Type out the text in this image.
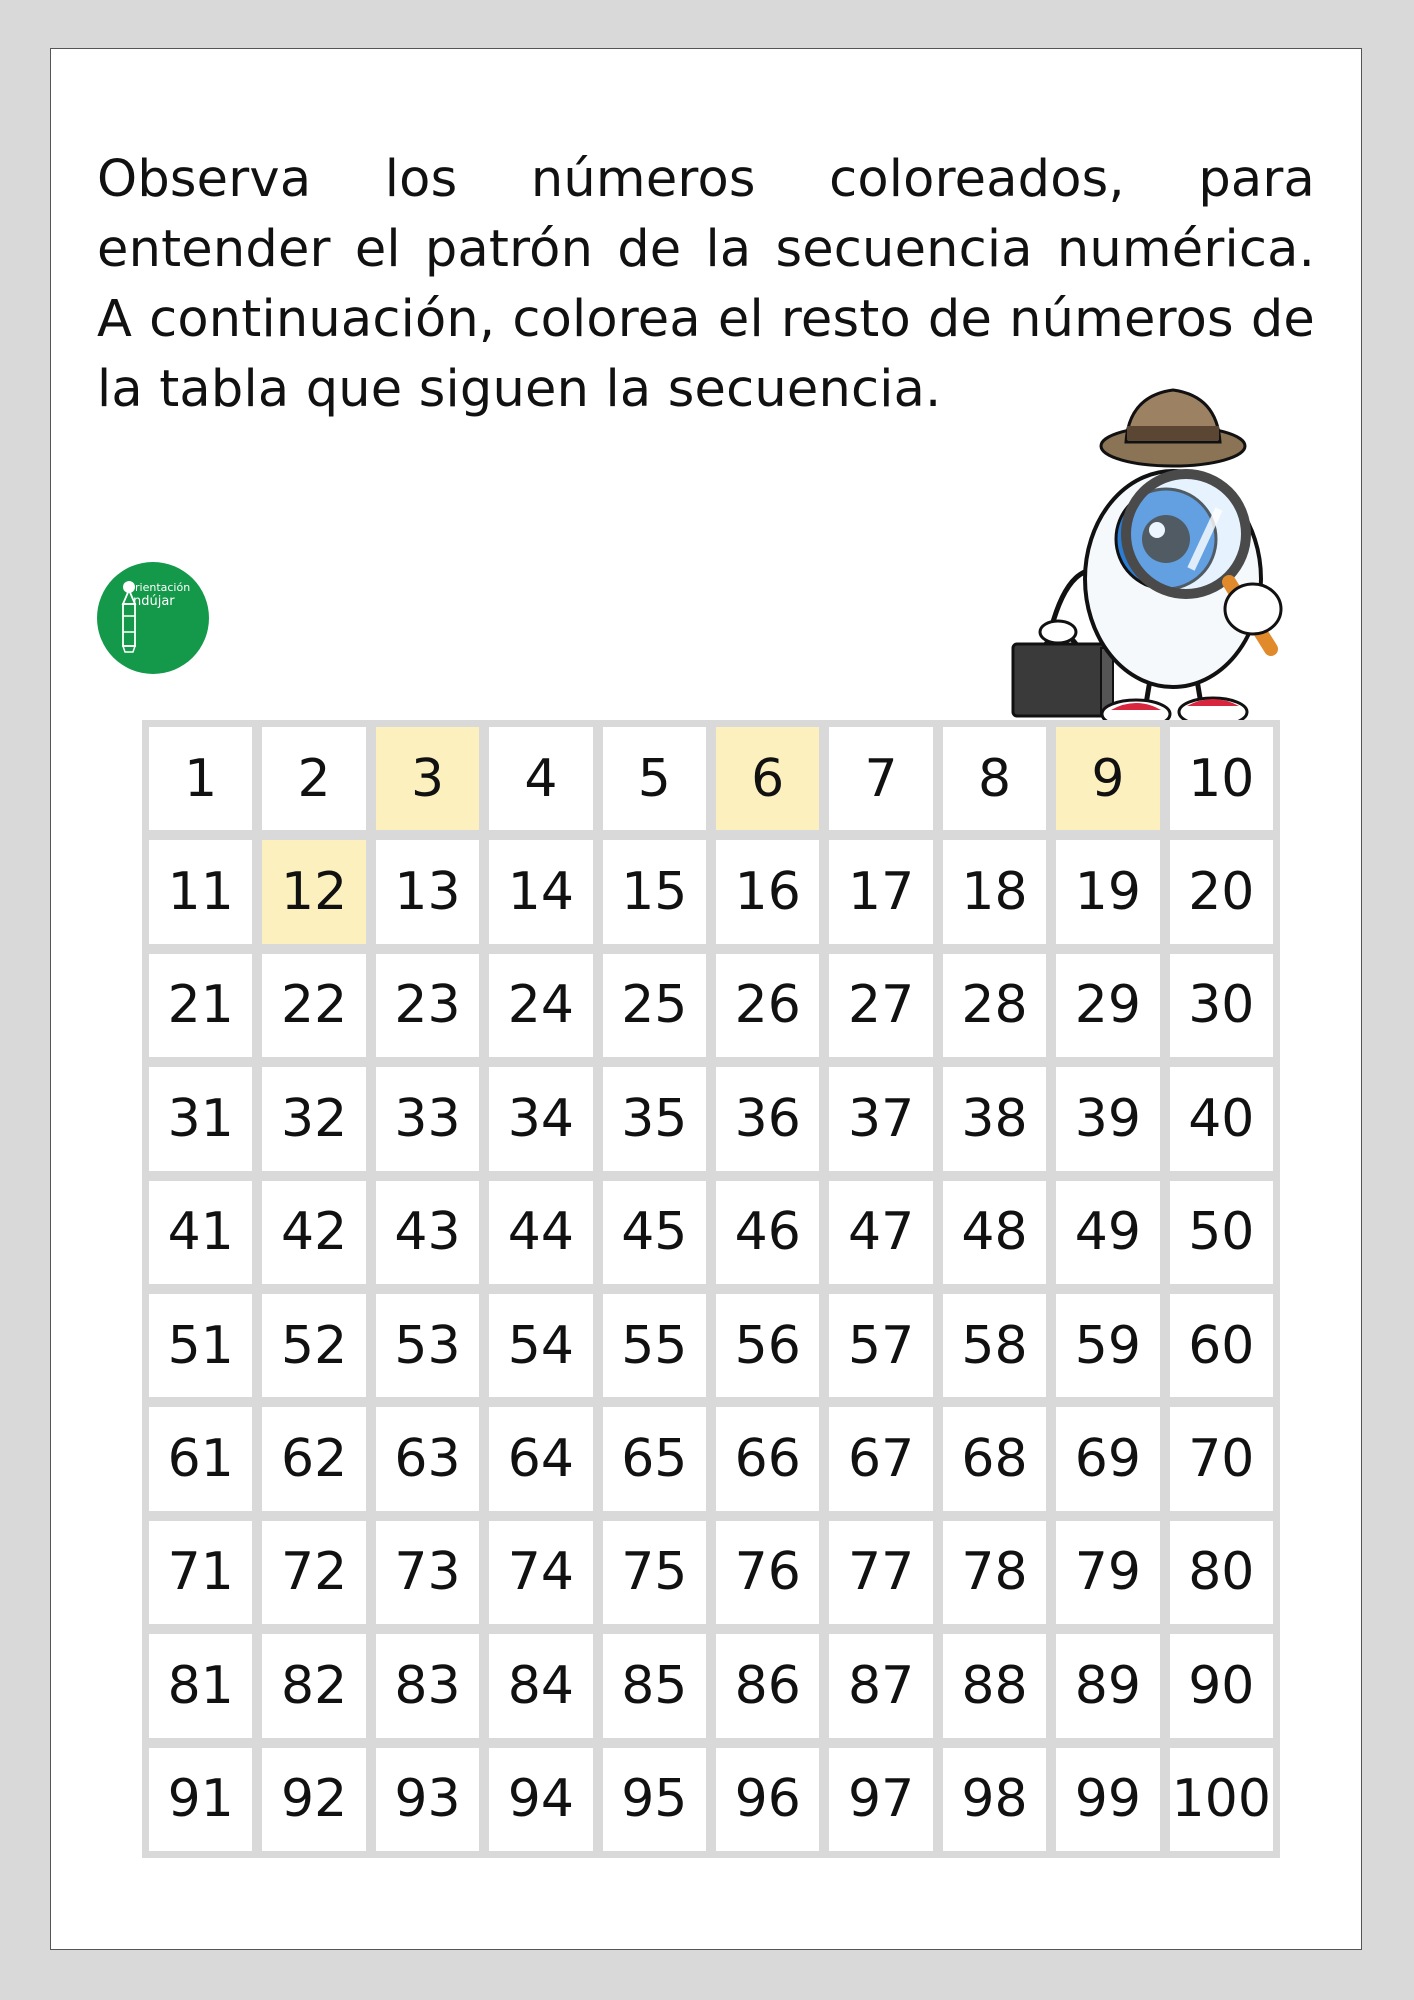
Observa los números coloreados, para entender el patrón de la secuencia numérica. A continuación, colorea el resto de números de la tabla que siguen la secuencia.

rientación
ndújar
1	2	3	4	5	6	7	8	9	10
11 12 13 14 15 16 17 18 19 20
21 22 23 24 25 26 27 28 29 30
31 32 33 34 35 36 37 38 39 40
41 42 43 44 45 46 47 48 49 50
51 52 53 54 55 56 57 58 59 60
61 62 63 64 65 66 67 68 69 70
71 72 73 74 75 76 77 78 79 80
81 82 83 84 85 86 87 88 89 90
91 92 93 94 95 96 97 98 99 100
